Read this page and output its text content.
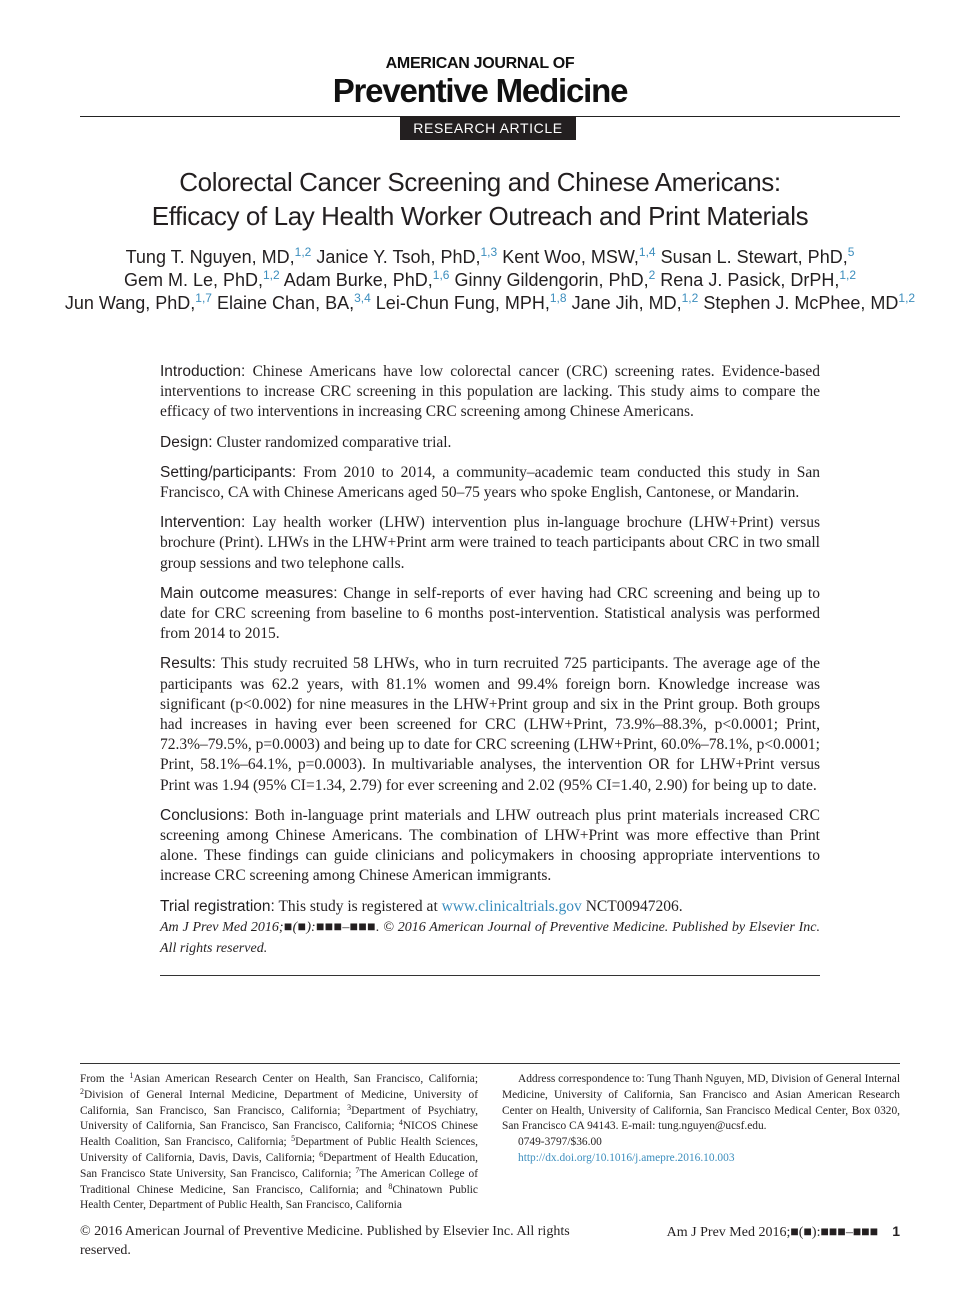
AMERICAN JOURNAL OF
Preventive Medicine
RESEARCH ARTICLE
Colorectal Cancer Screening and Chinese Americans:
Efficacy of Lay Health Worker Outreach and Print Materials
Tung T. Nguyen, MD,$^{1,2}$ Janice Y. Tsoh, PhD,$^{1,3}$ Kent Woo, MSW,$^{1,4}$ Susan L. Stewart, PhD,$^5$
Gem M. Le, PhD,$^{1,2}$ Adam Burke, PhD,$^{1,6}$ Ginny Gildengorin, PhD,$^2$ Rena J. Pasick, DrPH,$^{1,2}$
Jun Wang, PhD,$^{1,7}$ Elaine Chan, BA,$^{3,4}$ Lei-Chun Fung, MPH,$^{1,8}$ Jane Jih, MD,$^{1,2}$ Stephen J. McPhee, MD$^{1,2}$

Introduction: Chinese Americans have low colorectal cancer (CRC) screening rates. Evidence-based interventions to increase CRC screening in this population are lacking. This study aims to compare the efficacy of two interventions in increasing CRC screening among Chinese Americans.

Design: Cluster randomized comparative trial.

Setting/participants: From 2010 to 2014, a community–academic team conducted this study in San Francisco, CA with Chinese Americans aged 50–75 years who spoke English, Cantonese, or Mandarin.

Intervention: Lay health worker (LHW) intervention plus in-language brochure (LHW+Print) versus brochure (Print). LHWs in the LHW+Print arm were trained to teach participants about CRC in two small group sessions and two telephone calls.

Main outcome measures: Change in self-reports of ever having had CRC screening and being up to date for CRC screening from baseline to 6 months post-intervention. Statistical analysis was performed from 2014 to 2015.

Results: This study recruited 58 LHWs, who in turn recruited 725 participants. The average age of the participants was 62.2 years, with 81.1% women and 99.4% foreign born. Knowledge increase was significant (p<0.002) for nine measures in the LHW+Print group and six in the Print group. Both groups had increases in having ever been screened for CRC (LHW+Print, 73.9%–88.3%, p<0.0001; Print, 72.3%–79.5%, p=0.0003) and being up to date for CRC screening (LHW+Print, 60.0%–78.1%, p<0.0001; Print, 58.1%–64.1%, p=0.0003). In multivariable analyses, the intervention OR for LHW+Print versus Print was 1.94 (95% CI=1.34, 2.79) for ever screening and 2.02 (95% CI=1.40, 2.90) for being up to date.

Conclusions: Both in-language print materials and LHW outreach plus print materials increased CRC screening among Chinese Americans. The combination of LHW+Print was more effective than Print alone. These findings can guide clinicians and policymakers in choosing appropriate interventions to increase CRC screening among Chinese American immigrants.

Trial registration: This study is registered at www.clinicaltrials.gov NCT00947206.

Am J Prev Med 2016;■(■):■■■–■■■. © 2016 American Journal of Preventive Medicine. Published by Elsevier Inc. All rights reserved.

From the $^1$Asian American Research Center on Health, San Francisco, California; $^2$Division of General Internal Medicine, Department of Medicine, University of California, San Francisco, San Francisco, California; $^3$Department of Psychiatry, University of California, San Francisco, San Francisco, California; $^4$NICOS Chinese Health Coalition, San Francisco, California; $^5$Department of Public Health Sciences, University of California, Davis, Davis, California; $^6$Department of Health Education, San Francisco State University, San Francisco, California; $^7$The American College of Traditional Chinese Medicine, San Francisco, California; and $^8$Chinatown Public Health Center, Department of Public Health, San Francisco, California

Address correspondence to: Tung Thanh Nguyen, MD, Division of General Internal Medicine, University of California, San Francisco and Asian American Research Center on Health, University of California, San Francisco Medical Center, Box 0320, San Francisco CA 94143. E-mail: tung.nguyen@ucsf.edu.

0749-3797/$36.00
http://dx.doi.org/10.1016/j.amepre.2016.10.003
© 2016 American Journal of Preventive Medicine. Published by Elsevier Inc. All rights reserved.
Am J Prev Med 2016;■(■):■■■–■■■ 1
